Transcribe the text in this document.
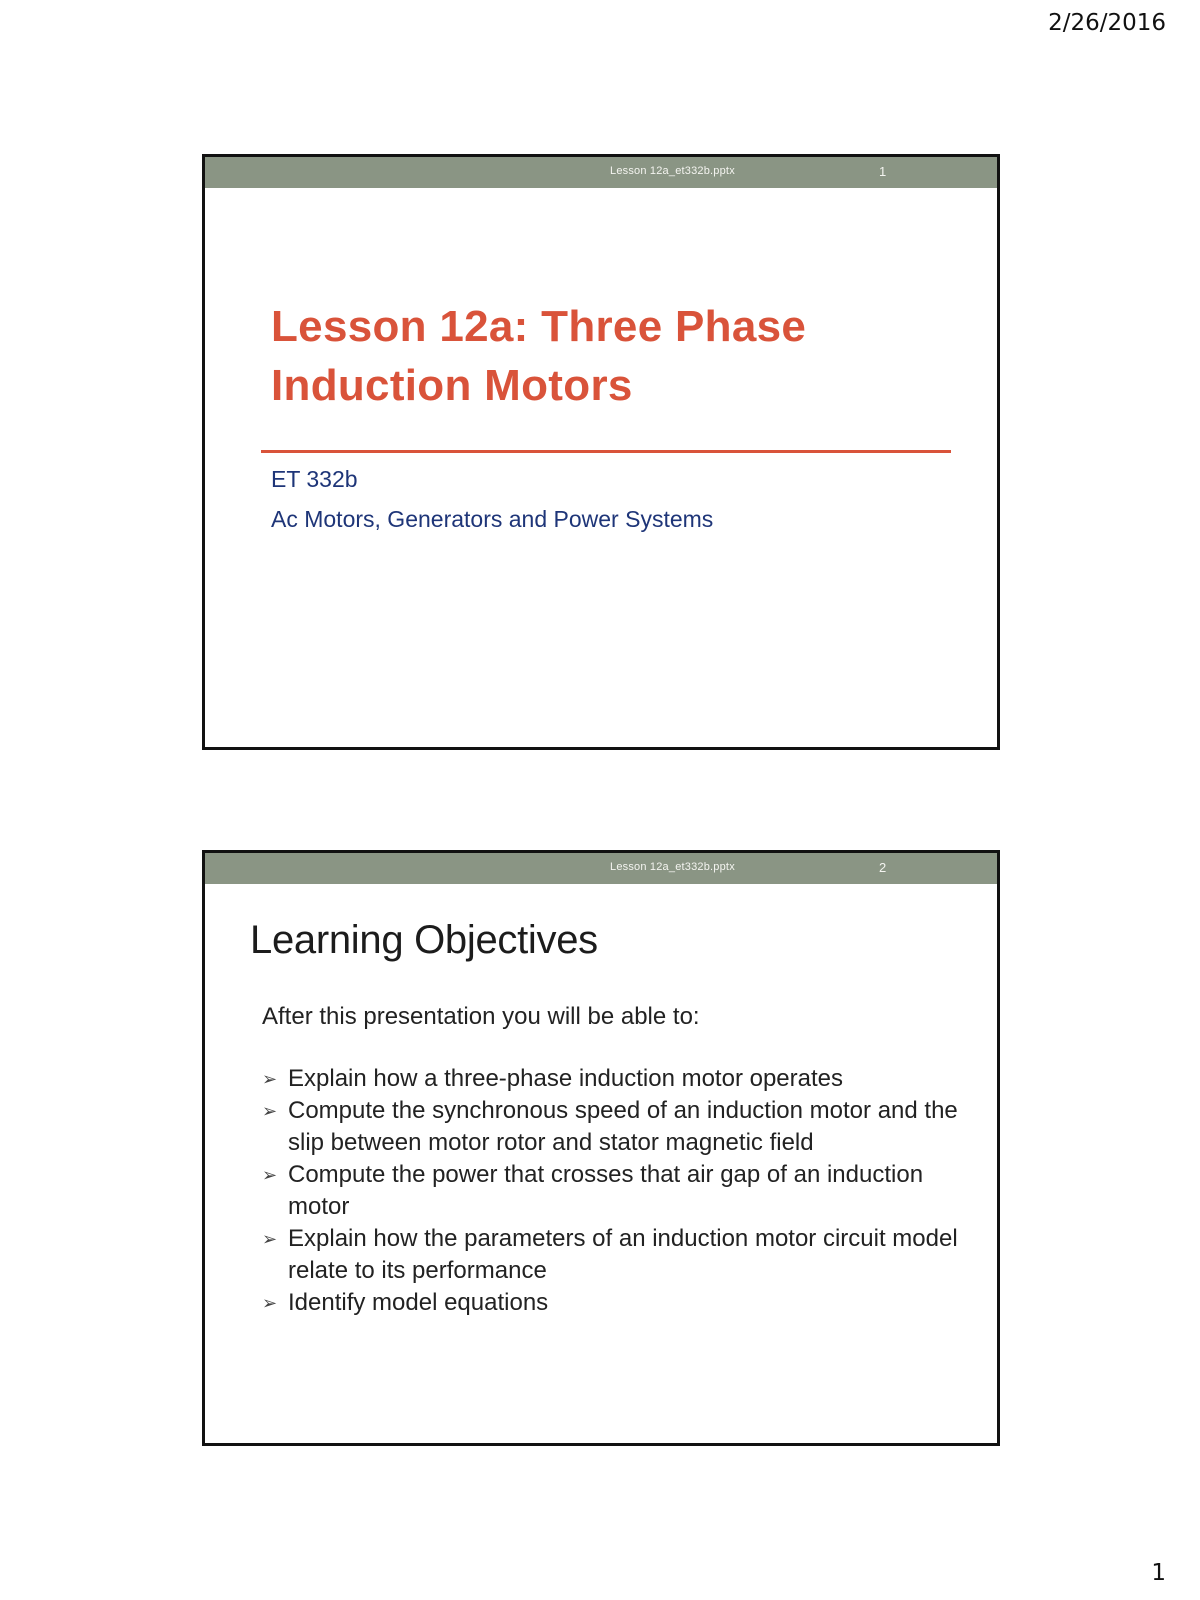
2/26/2016
Lesson 12a_et332b.pptx	1
Lesson 12a: Three Phase
Induction Motors
ET 332b
Ac Motors, Generators and Power Systems
Lesson 12a_et332b.pptx	2
Learning Objectives
After this presentation you will be able to:
➢ Explain how a three-phase induction motor operates
➢ Compute the synchronous speed of an induction motor and the slip between motor rotor and stator magnetic field
➢ Compute the power that crosses that air gap of an induction motor
➢ Explain how the parameters of an induction motor circuit model relate to its performance
➢ Identify model equations
1
